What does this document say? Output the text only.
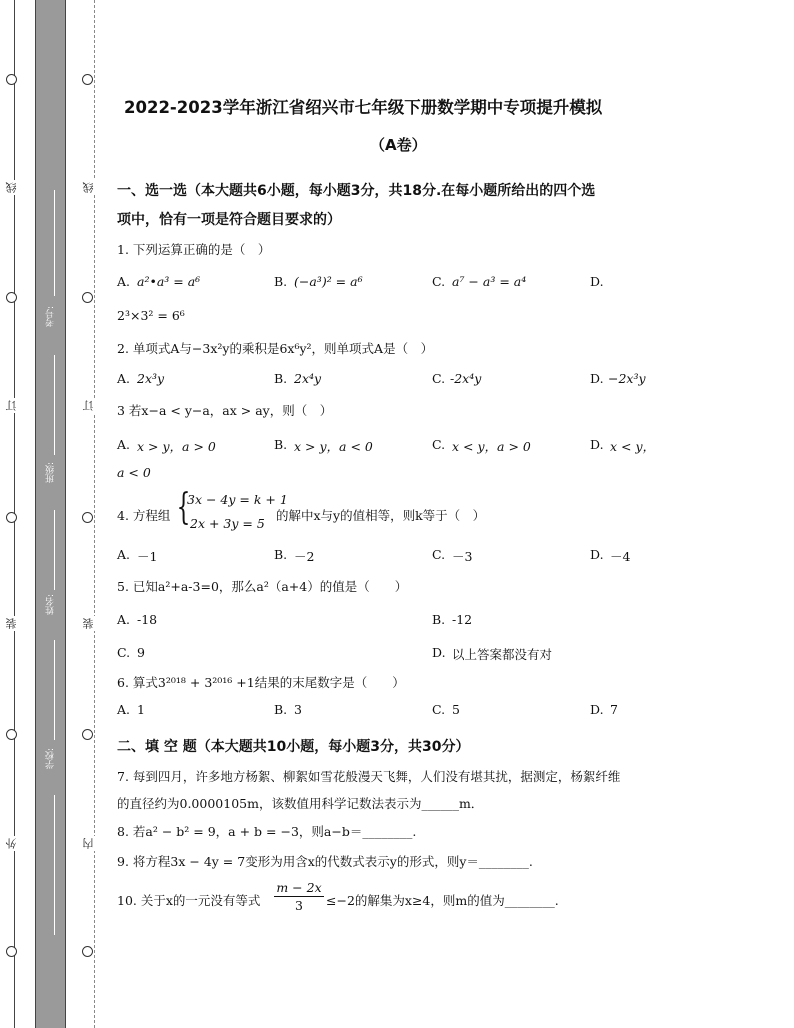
线
订
装
外
线
订
装
内
考号:
班级:
姓名:
学校:
2022-2023学年浙江省绍兴市七年级下册数学期中专项提升模拟
（A卷）
一、选一选（本大题共6小题，每小题3分，共18分.在每小题所给出的四个选
项中，恰有一项是符合题目要求的）
1. 下列运算正确的是（　）
A. a²•a³ = a⁶	B. (−a³)² = a⁶	C. a⁷ − a³ = a⁴	D.
2³×3² = 6⁶
2. 单项式A与−3x²y的乘积是6x⁶y²，则单项式A是（　）
A. 2x³y	B. 2x⁴y	C. -2x⁴y	D. −2x³y
3 若x−a < y−a，ax > ay，则（　）
A. x > y，a > 0	B. x > y，a < 0	C. x < y，a > 0	D. x < y，
a < 0
4. 方程组 {
3x − 4y = k + 1
2x + 3y = 5
的解中x与y的值相等，则k等于（　）
A. －1	B. －2	C. －3	D. －4
5. 已知a²+a-3=0，那么a²（a+4）的值是（　　）
A. -18	B. -12
C. 9	D. 以上答案都没有对
6. 算式3²⁰¹⁸ + 3²⁰¹⁶ +1结果的末尾数字是（　　）
A. 1	B. 3	C. 5	D. 7
二、填 空 题（本大题共10小题，每小题3分，共30分）
7. 每到四月，许多地方杨絮、柳絮如雪花般漫天飞舞，人们没有堪其扰，据测定，杨絮纤维
的直径约为0.0000105m，该数值用科学记数法表示为______m．
8. 若a² − b² = 9，a + b = −3，则a−b＝________.
9. 将方程3x − 4y = 7变形为用含x的代数式表示y的形式，则y＝________.
10. 关于x的一元没有等式
m − 2x
3	≤−2的解集为x≥4，则m的值为________.
